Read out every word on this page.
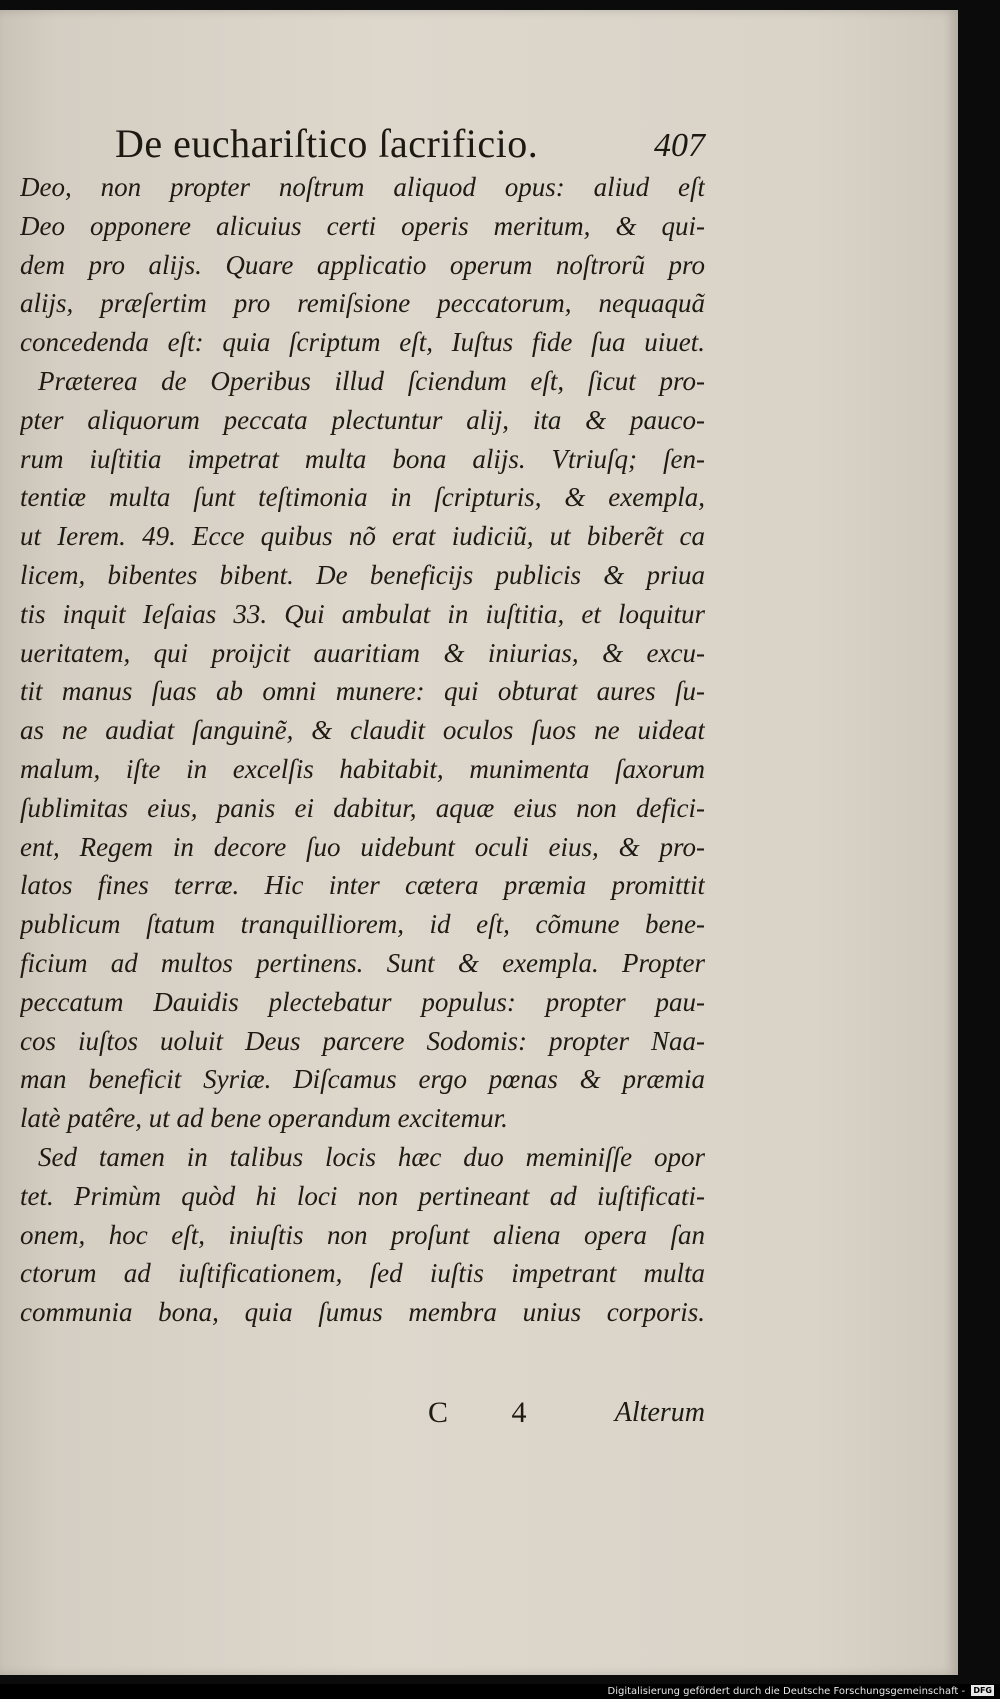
De euchariſtico ſacrificio.	407
Deo, non propter noſtrum aliquod opus: aliud eſt
Deo opponere alicuius certi operis meritum, & qui-
dem pro alijs. Quare applicatio operum noſtrorũ pro
alijs, præſertim pro remiſsione peccatorum, nequaquã
concedenda eſt: quia ſcriptum eſt, Iuſtus fide ſua uiuet.
Præterea de Operibus illud ſciendum eſt, ſicut pro-
pter aliquorum peccata plectuntur alij, ita & pauco-
rum iuſtitia impetrat multa bona alijs. Vtriuſq; ſen-
tentiæ multa ſunt teſtimonia in ſcripturis, & exempla,
ut Ierem. 49. Ecce quibus nõ erat iudiciũ, ut biberẽt ca
licem, bibentes bibent. De beneficijs publicis & priua
tis inquit Ieſaias 33. Qui ambulat in iuſtitia, et loquitur
ueritatem, qui proijcit auaritiam & iniurias, & excu-
tit manus ſuas ab omni munere: qui obturat aures ſu-
as ne audiat ſanguinẽ, & claudit oculos ſuos ne uideat
malum, iſte in excelſis habitabit, munimenta ſaxorum
ſublimitas eius, panis ei dabitur, aquæ eius non defici-
ent, Regem in decore ſuo uidebunt oculi eius, & pro-
latos fines terræ. Hic inter cætera præmia promittit
publicum ſtatum tranquilliorem, id eſt, cõmune bene-
ficium ad multos pertinens. Sunt & exempla. Propter
peccatum Dauidis plectebatur populus: propter pau-
cos iuſtos uoluit Deus parcere Sodomis: propter Naa-
man beneficit Syriæ. Diſcamus ergo pœnas & præmia
latè patêre, ut ad bene operandum excitemur.
Sed tamen in talibus locis hæc duo meminiſſe opor
tet. Primùm quòd hi loci non pertineant ad iuſtificati-
onem, hoc eſt, iniuſtis non proſunt aliena opera ſan
ctorum ad iuſtificationem, ſed iuſtis impetrant multa
communia bona, quia ſumus membra unius corporis.
C 4 Alterum
Digitalisierung gefördert durch die Deutsche Forschungsgemeinschaft - DFG
